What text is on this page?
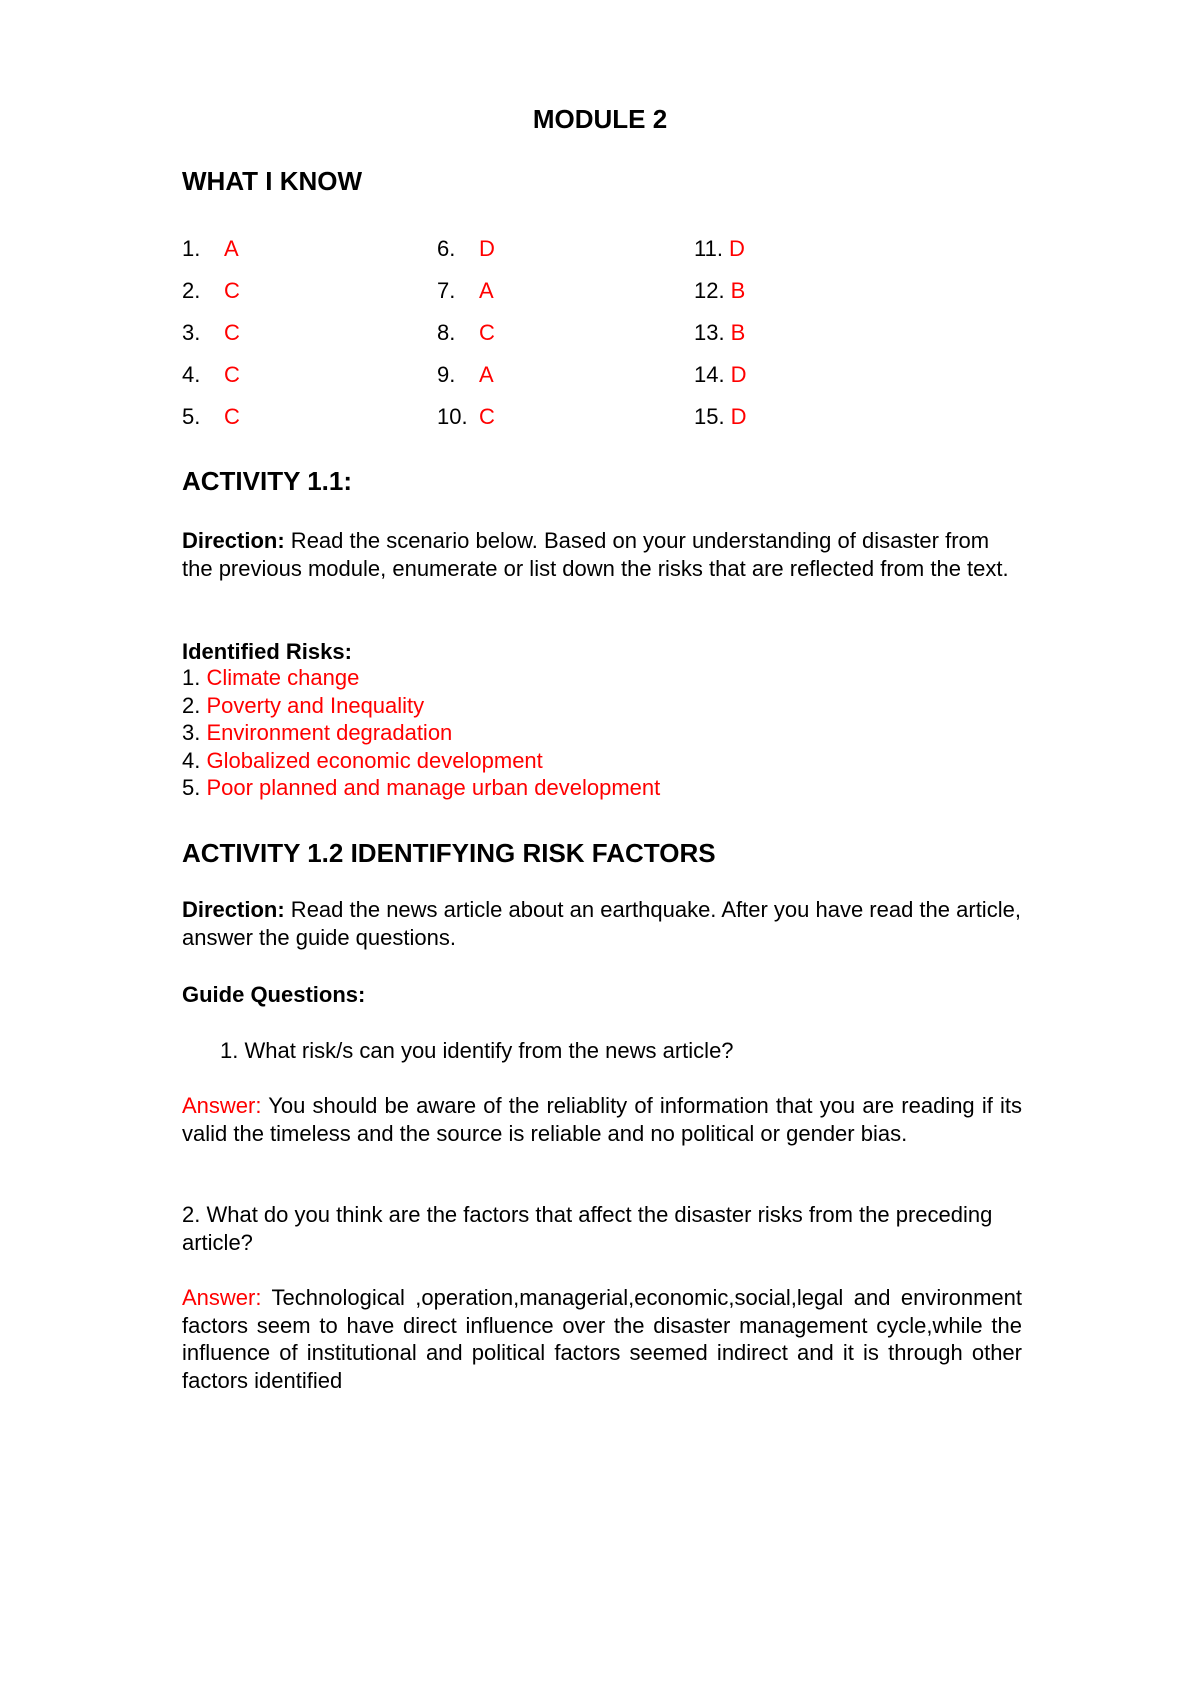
MODULE 2
WHAT I KNOW
1. A
2. C
3. C
4. C
5. C
6. D
7. A
8. C
9. A
10. C
11. D
12. B
13. B
14. D
15. D
ACTIVITY 1.1:
Direction: Read the scenario below. Based on your understanding of disaster from the previous module, enumerate or list down the risks that are reflected from the text.
Identified Risks:
1. Climate change
2. Poverty and Inequality
3. Environment degradation
4. Globalized economic development
5. Poor planned and manage urban development
ACTIVITY 1.2 IDENTIFYING RISK FACTORS
Direction: Read the news article about an earthquake. After you have read the article, answer the guide questions.
Guide Questions:
1. What risk/s can you identify from the news article?
Answer: You should be aware of the reliablity of information that you are reading if its valid the timeless and the source is reliable and no political or gender bias.
2. What do you think are the factors that affect the disaster risks from the preceding article?
Answer: Technological ,operation,managerial,economic,social,legal and environment factors seem to have direct influence over the disaster management cycle,while the influence of institutional and political factors seemed indirect and it is through other factors identified
